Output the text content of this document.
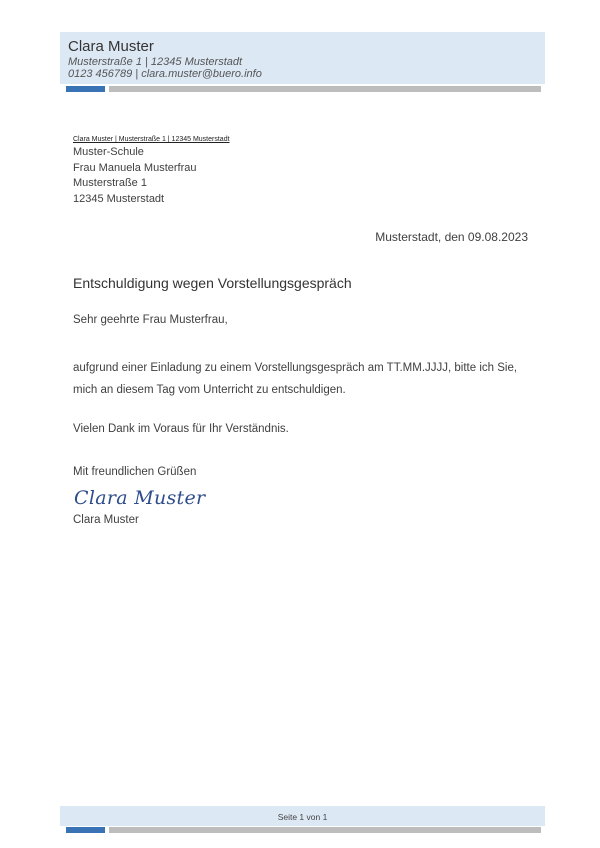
Clara Muster
Musterstraße 1 | 12345 Musterstadt
0123 456789 | clara.muster@buero.info
Clara Muster | Musterstraße 1 | 12345 Musterstadt
Muster-Schule
Frau Manuela Musterfrau
Musterstraße 1
12345 Musterstadt
Musterstadt, den 09.08.2023
Entschuldigung wegen Vorstellungsgespräch
Sehr geehrte Frau Musterfrau,
aufgrund einer Einladung zu einem Vorstellungsgespräch am TT.MM.JJJJ, bitte ich Sie,
mich an diesem Tag vom Unterricht zu entschuldigen.
Vielen Dank im Voraus für Ihr Verständnis.
Mit freundlichen Grüßen
Clara Muster
Clara Muster
Seite 1 von 1
